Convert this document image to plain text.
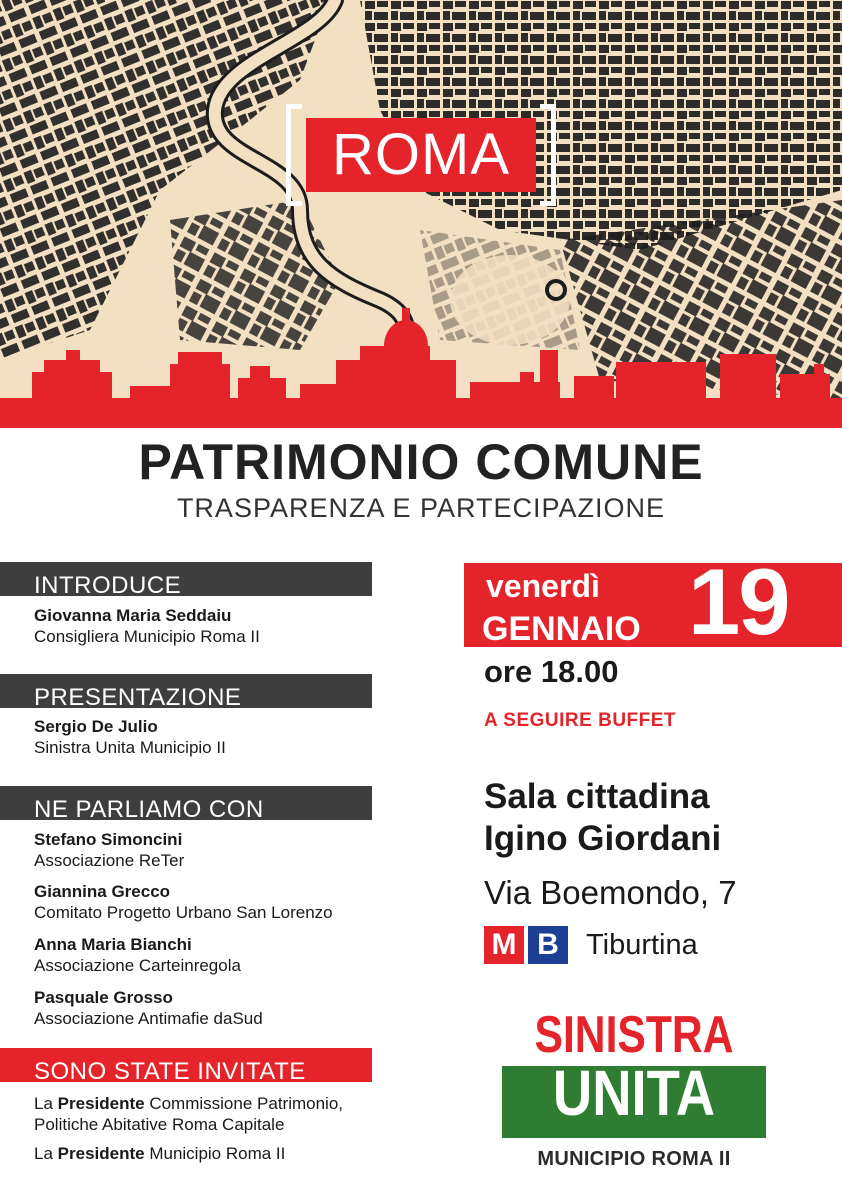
ROMA
PATRIMONIO COMUNE
TRASPARENZA E PARTECIPAZIONE
INTRODUCE
Giovanna Maria Seddaiu
Consigliera Municipio Roma II
PRESENTAZIONE
Sergio De Julio
Sinistra Unita Municipio II
NE PARLIAMO CON
Stefano Simoncini
Associazione ReTer
Giannina Grecco
Comitato Progetto Urbano San Lorenzo
Anna Maria Bianchi
Associazione Carteinregola
Pasquale Grosso
Associazione Antimafie daSud
SONO STATE INVITATE
La Presidente Commissione Patrimonio,
Politiche Abitative Roma Capitale
La Presidente Municipio Roma II
venerdì
GENNAIO 19
ore 18.00
A SEGUIRE BUFFET
Sala cittadina
Igino Giordani
Via Boemondo, 7
M B Tiburtina
SINISTRA
UNITA
MUNICIPIO ROMA II
